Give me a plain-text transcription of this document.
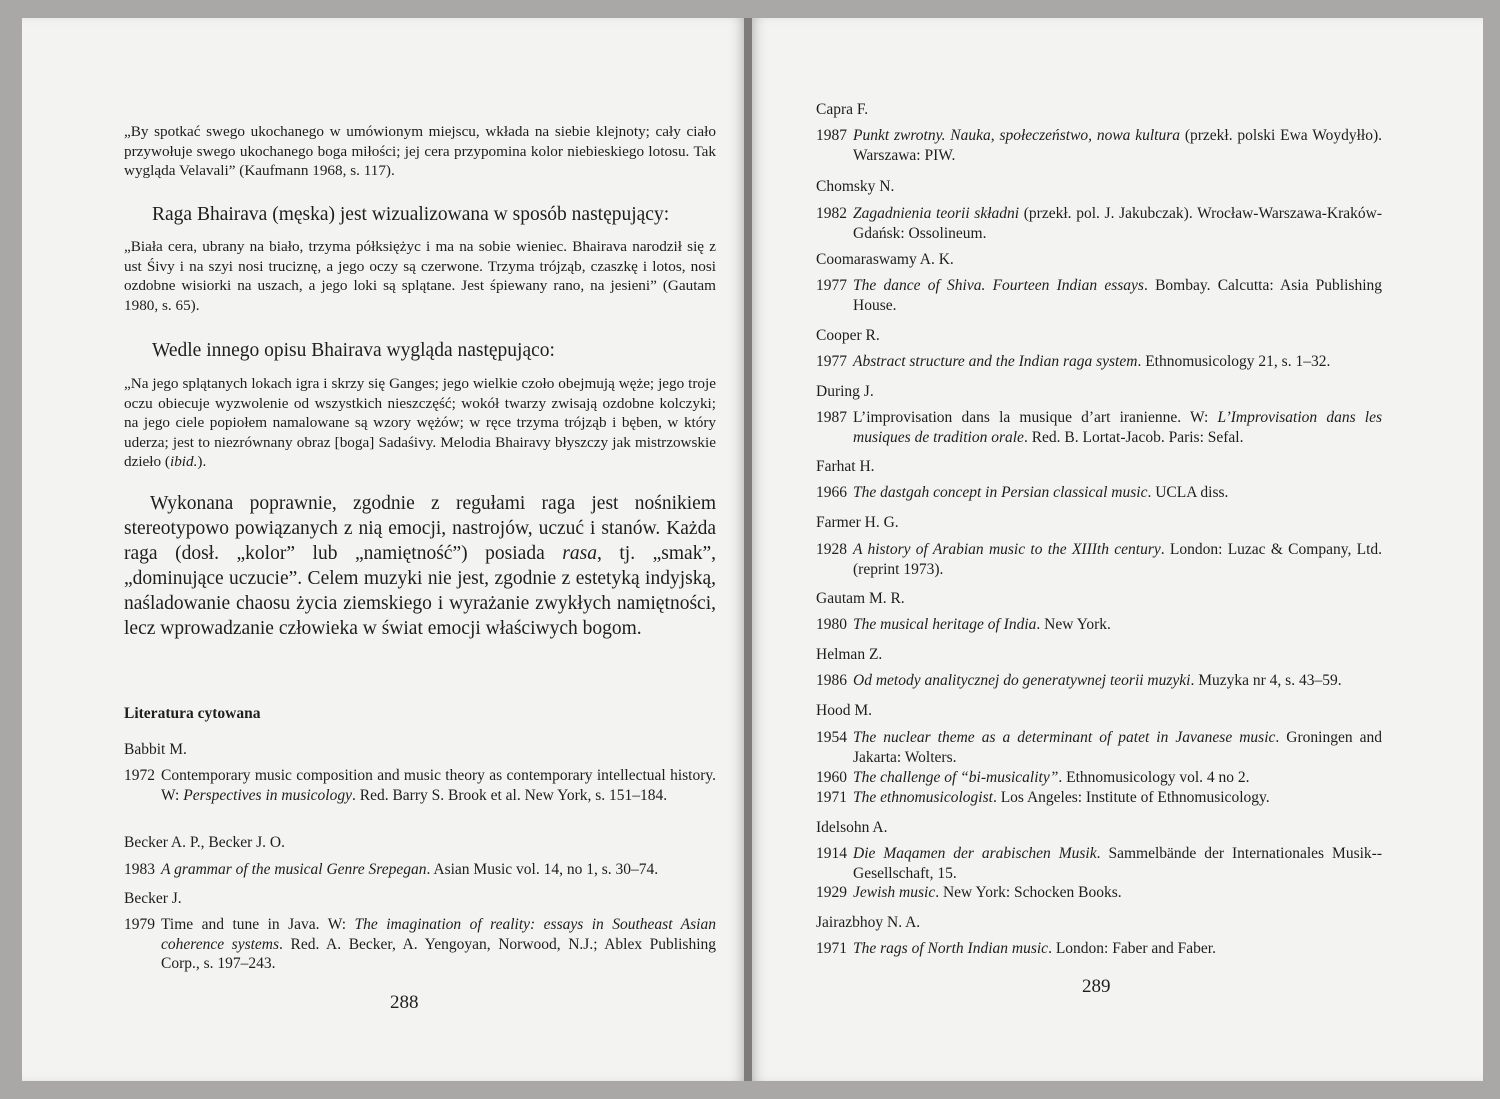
„By spotkać swego ukochanego w umówionym miejscu, wkłada na siebie klejnoty; cały ciało przywołuje swego ukochanego boga miłości; jej cera przypomina kolor niebieskiego lotosu. Tak wygląda Velavali” (Kaufmann 1968, s. 117).
Raga Bhairava (męska) jest wizualizowana w sposób następujący:
„Biała cera, ubrany na biało, trzyma półksiężyc i ma na sobie wieniec. Bhairava narodził się z ust Śivy i na szyi nosi truciznę, a jego oczy są czerwone. Trzyma trójząb, czaszkę i lotos, nosi ozdobne wisiorki na uszach, a jego loki są splątane. Jest śpiewany rano, na jesieni” (Gautam 1980, s. 65).
Wedle innego opisu Bhairava wygląda następująco:
„Na jego splątanych lokach igra i skrzy się Ganges; jego wielkie czoło obejmują węże; jego troje oczu obiecuje wyzwolenie od wszystkich nieszczęść; wokół twarzy zwisają ozdobne kolczyki; na jego ciele popiołem namalowane są wzory wężów; w ręce trzyma trójząb i bęben, w który uderza; jest to niezrównany obraz [boga] Sadaśivy. Melodia Bhairavy błyszczy jak mistrzowskie dzieło (ibid.).
Wykonana poprawnie, zgodnie z regułami raga jest nośnikiem stereotypowo powiązanych z nią emocji, nastrojów, uczuć i stanów. Każda raga (dosł. „kolor” lub „namiętność”) posiada rasa, tj. „smak”, „dominujące uczucie”. Celem muzyki nie jest, zgodnie z estetyką indyjską, naśladowanie chaosu życia ziemskiego i wyrażanie zwykłych namiętności, lecz wprowadzanie człowieka w świat emocji właściwych bogom.
Literatura cytowana
Babbit M.
1972 Contemporary music composition and music theory as contemporary intellectual history. W: Perspectives in musicology. Red. Barry S. Brook et al. New York, s. 151–184.
Becker A. P., Becker J. O.
1983 A grammar of the musical Genre Srepegan. Asian Music vol. 14, no 1, s. 30–74.
Becker J.
1979 Time and tune in Java. W: The imagination of reality: essays in Southeast Asian coherence systems. Red. A. Becker, A. Yengoyan, Norwood, N.J.; Ablex Publishing Corp., s. 197–243.
288
Capra F.
1987 Punkt zwrotny. Nauka, społeczeństwo, nowa kultura (przekł. polski Ewa Woydyłło). Warszawa: PIW.
Chomsky N.
1982 Zagadnienia teorii składni (przekł. pol. J. Jakubczak). Wrocław-Warszawa-Kraków-Gdańsk: Ossolineum.
Coomaraswamy A. K.
1977 The dance of Shiva. Fourteen Indian essays. Bombay. Calcutta: Asia Publishing House.
Cooper R.
1977 Abstract structure and the Indian raga system. Ethnomusicology 21, s. 1–32.
During J.
1987 L’improvisation dans la musique d’art iranienne. W: L’Improvisation dans les musiques de tradition orale. Red. B. Lortat-Jacob. Paris: Sefal.
Farhat H.
1966 The dastgah concept in Persian classical music. UCLA diss.
Farmer H. G.
1928 A history of Arabian music to the XIIIth century. London: Luzac & Company, Ltd. (reprint 1973).
Gautam M. R.
1980 The musical heritage of India. New York.
Helman Z.
1986 Od metody analitycznej do generatywnej teorii muzyki. Muzyka nr 4, s. 43–59.
Hood M.
1954 The nuclear theme as a determinant of patet in Javanese music. Groningen and Jakarta: Wolters.
1960 The challenge of “bi-musicality”. Ethnomusicology vol. 4 no 2.
1971 The ethnomusicologist. Los Angeles: Institute of Ethnomusicology.
Idelsohn A.
1914 Die Maqamen der arabischen Musik. Sammelbände der Internationales Musik--Gesellschaft, 15.
1929 Jewish music. New York: Schocken Books.
Jairazbhoy N. A.
1971 The rags of North Indian music. London: Faber and Faber.
289
